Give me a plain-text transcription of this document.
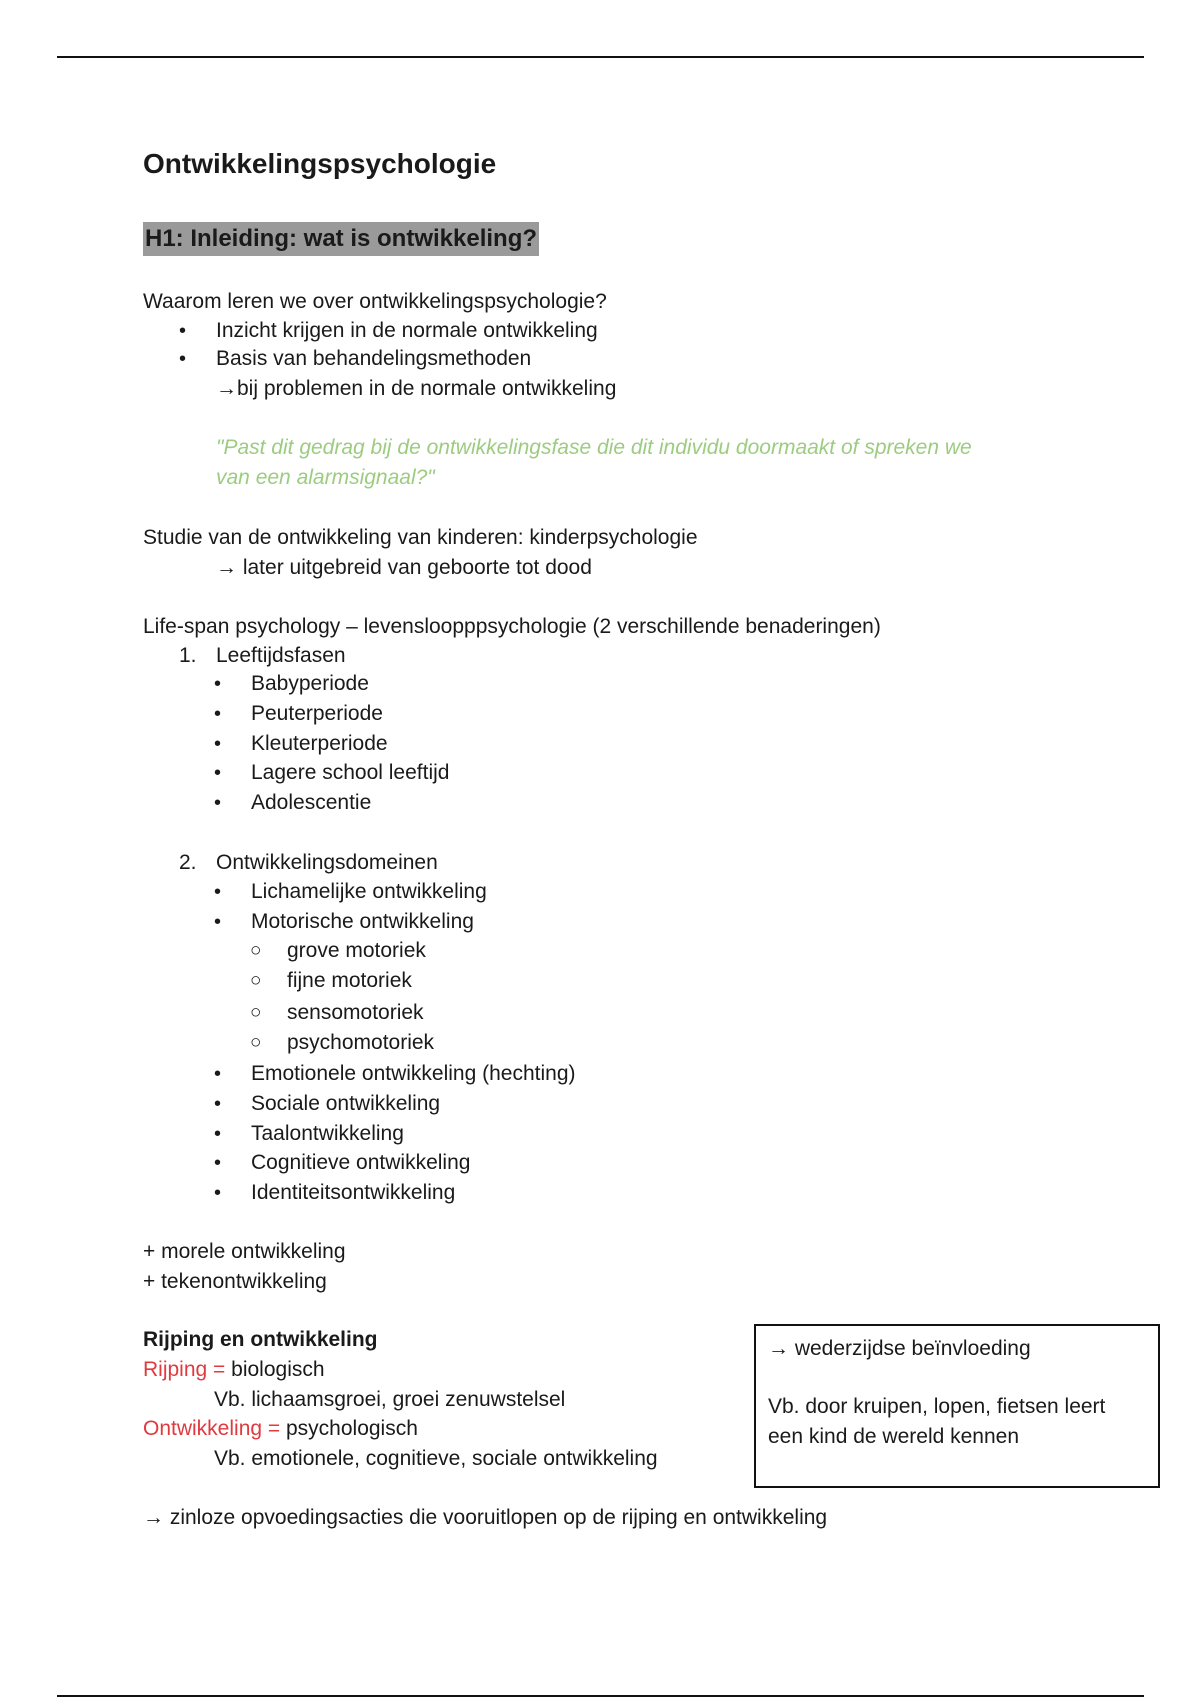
Ontwikkelingspsychologie
H1: Inleiding: wat is ontwikkeling?
Waarom leren we over ontwikkelingspsychologie?
• Inzicht krijgen in de normale ontwikkeling
• Basis van behandelingsmethoden
→bij problemen in de normale ontwikkeling
"Past dit gedrag bij de ontwikkelingsfase die dit individu doormaakt of spreken we
van een alarmsignaal?"
Studie van de ontwikkeling van kinderen: kinderpsychologie
→ later uitgebreid van geboorte tot dood
Life-span psychology – levensloopppsychologie (2 verschillende benaderingen)
1. Leeftijdsfasen
• Babyperiode
• Peuterperiode
• Kleuterperiode
• Lagere school leeftijd
• Adolescentie
2. Ontwikkelingsdomeinen
• Lichamelijke ontwikkeling
• Motorische ontwikkeling
○ grove motoriek
○ fijne motoriek
○ sensomotoriek
○ psychomotoriek
• Emotionele ontwikkeling (hechting)
• Sociale ontwikkeling
• Taalontwikkeling
• Cognitieve ontwikkeling
• Identiteitsontwikkeling
+ morele ontwikkeling
+ tekenontwikkeling
Rijping en ontwikkeling
Rijping = biologisch
Vb. lichaamsgroei, groei zenuwstelsel
Ontwikkeling = psychologisch
Vb. emotionele, cognitieve, sociale ontwikkeling
→ wederzijdse beïnvloeding
Vb. door kruipen, lopen, fietsen leert
een kind de wereld kennen
→ zinloze opvoedingsacties die vooruitlopen op de rijping en ontwikkeling
